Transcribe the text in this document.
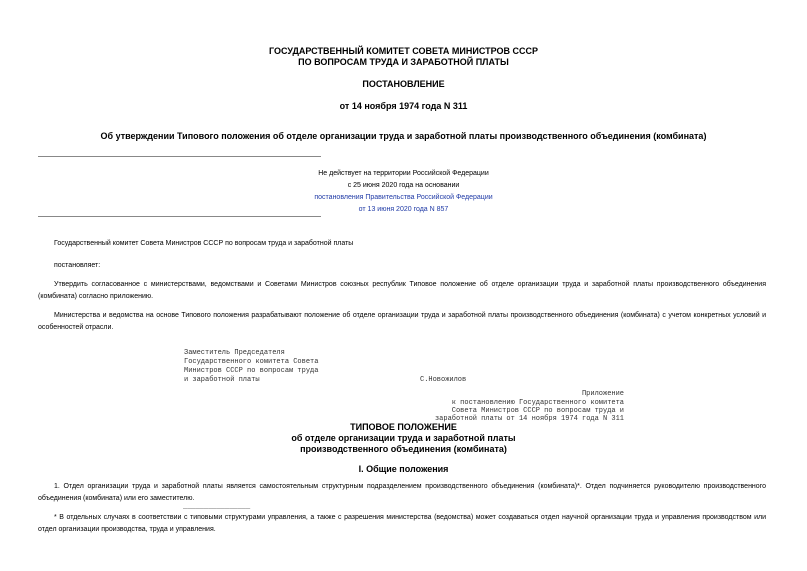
ГОСУДАРСТВЕННЫЙ КОМИТЕТ СОВЕТА МИНИСТРОВ СССР
ПО ВОПРОСАМ ТРУДА И ЗАРАБОТНОЙ ПЛАТЫ
ПОСТАНОВЛЕНИЕ
от 14 ноября 1974 года N 311
Об утверждении Типового положения об отделе организации труда и заработной платы производственного объединения (комбината)
Не действует на территории Российской Федерации
с 25 июня 2020 года на основании
постановления Правительства Российской Федерации
от 13 июня 2020 года N 857
Государственный комитет Совета Министров СССР по вопросам труда и заработной платы
постановляет:
Утвердить согласованное с министерствами, ведомствами и Советами Министров союзных республик Типовое положение об отделе организации труда и заработной платы производственного объединения (комбината) согласно приложению.
Министерства и ведомства на основе Типового положения разрабатывают положение об отделе организации труда и заработной платы производственного объединения (комбината) с учетом конкретных условий и особенностей отрасли.
Заместитель Председателя
Государственного комитета Совета
Министров СССР по вопросам труда
и заработной платы	С.Новожилов
Приложение
к постановлению Государственного комитета
Совета Министров СССР по вопросам труда и
заработной платы от 14 ноября 1974 года N 311
ТИПОВОЕ ПОЛОЖЕНИЕ
об отделе организации труда и заработной платы
производственного объединения (комбината)
I. Общие положения
1. Отдел организации труда и заработной платы является самостоятельным структурным подразделением производственного объединения (комбината)*. Отдел подчиняется руководителю производственного объединения (комбината) или его заместителю.
________________
* В отдельных случаях в соответствии с типовыми структурами управления, а также с разрешения министерства (ведомства) может создаваться отдел научной организации труда и управления производством или отдел организации производства, труда и управления.
